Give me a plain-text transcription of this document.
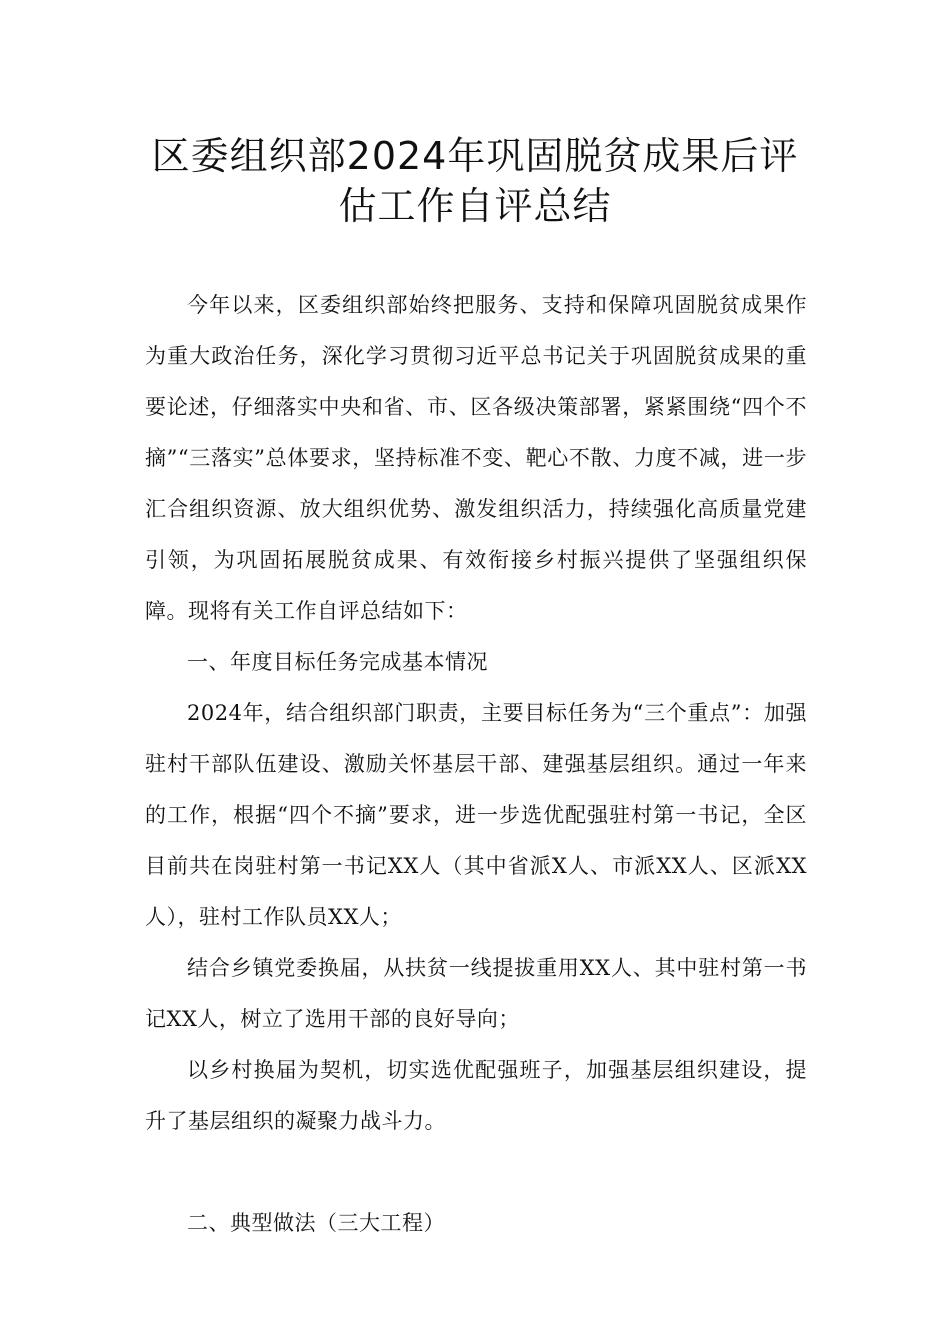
区委组织部2024年巩固脱贫成果后评
估工作自评总结

今年以来，区委组织部始终把服务、支持和保障巩固脱贫成果作为重大政治任务，深化学习贯彻习近平总书记关于巩固脱贫成果的重要论述，仔细落实中央和省、市、区各级决策部署，紧紧围绕“四个不摘”“三落实”总体要求，坚持标准不变、靶心不散、力度不减，进一步汇合组织资源、放大组织优势、激发组织活力，持续强化高质量党建引领，为巩固拓展脱贫成果、有效衔接乡村振兴提供了坚强组织保障。现将有关工作自评总结如下：

一、年度目标任务完成基本情况

2024年，结合组织部门职责，主要目标任务为“三个重点”：加强驻村干部队伍建设、激励关怀基层干部、建强基层组织。通过一年来的工作，根据“四个不摘”要求，进一步选优配强驻村第一书记，全区目前共在岗驻村第一书记XX人（其中省派X人、市派XX人、区派XX人），驻村工作队员XX人；

结合乡镇党委换届，从扶贫一线提拔重用XX人、其中驻村第一书记XX人，树立了选用干部的良好导向；

以乡村换届为契机，切实选优配强班子，加强基层组织建设，提升了基层组织的凝聚力战斗力。

二、典型做法（三大工程）
